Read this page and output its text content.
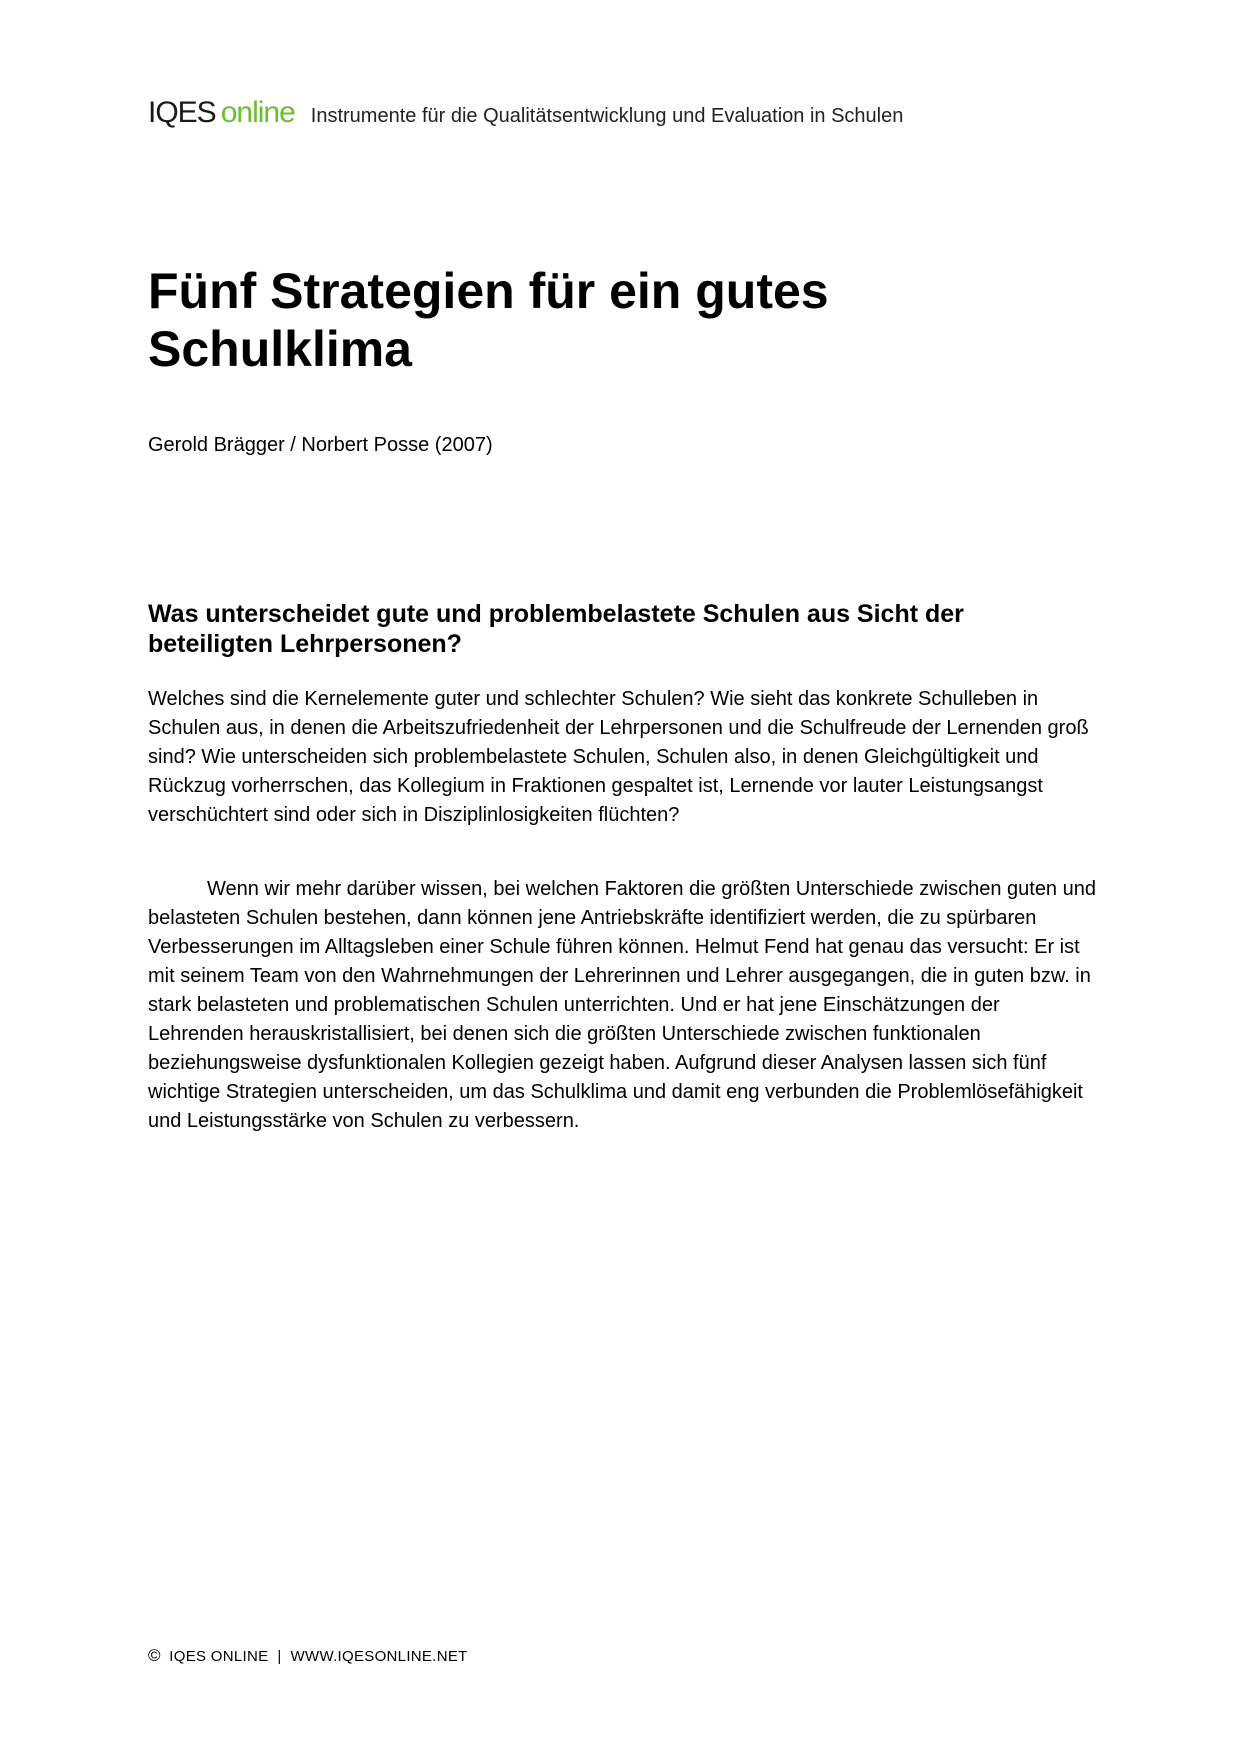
IQES online Instrumente für die Qualitätsentwicklung und Evaluation in Schulen
Fünf Strategien für ein gutes Schulklima

Gerold Brägger / Norbert Posse (2007)

Was unterscheidet gute und problembelastete Schulen aus Sicht der beteiligten Lehrpersonen?

Welches sind die Kernelemente guter und schlechter Schulen? Wie sieht das konkrete Schulleben in Schulen aus, in denen die Arbeitszufriedenheit der Lehrpersonen und die Schulfreude der Lernenden groß sind? Wie unterscheiden sich problembelastete Schulen, Schulen also, in denen Gleichgültigkeit und Rückzug vorherrschen, das Kollegium in Fraktionen gespaltet ist, Lernende vor lauter Leistungsangst verschüchtert sind oder sich in Disziplinlosigkeiten flüchten?

Wenn wir mehr darüber wissen, bei welchen Faktoren die größten Unterschiede zwischen guten und belasteten Schulen bestehen, dann können jene Antriebskräfte identifiziert werden, die zu spürbaren Verbesserungen im Alltagsleben einer Schule führen können. Helmut Fend hat genau das versucht: Er ist mit seinem Team von den Wahrnehmungen der Lehrerinnen und Lehrer ausgegangen, die in guten bzw. in stark belasteten und problematischen Schulen unterrichten. Und er hat jene Einschätzungen der Lehrenden herauskristallisiert, bei denen sich die größten Unterschiede zwischen funktionalen beziehungsweise dysfunktionalen Kollegien gezeigt haben. Aufgrund dieser Analysen lassen sich fünf wichtige Strategien unterscheiden, um das Schulklima und damit eng verbunden die Problemlösefähigkeit und Leistungsstärke von Schulen zu verbessern.

© IQES ONLINE  |  WWW.IQESONLINE.NET
